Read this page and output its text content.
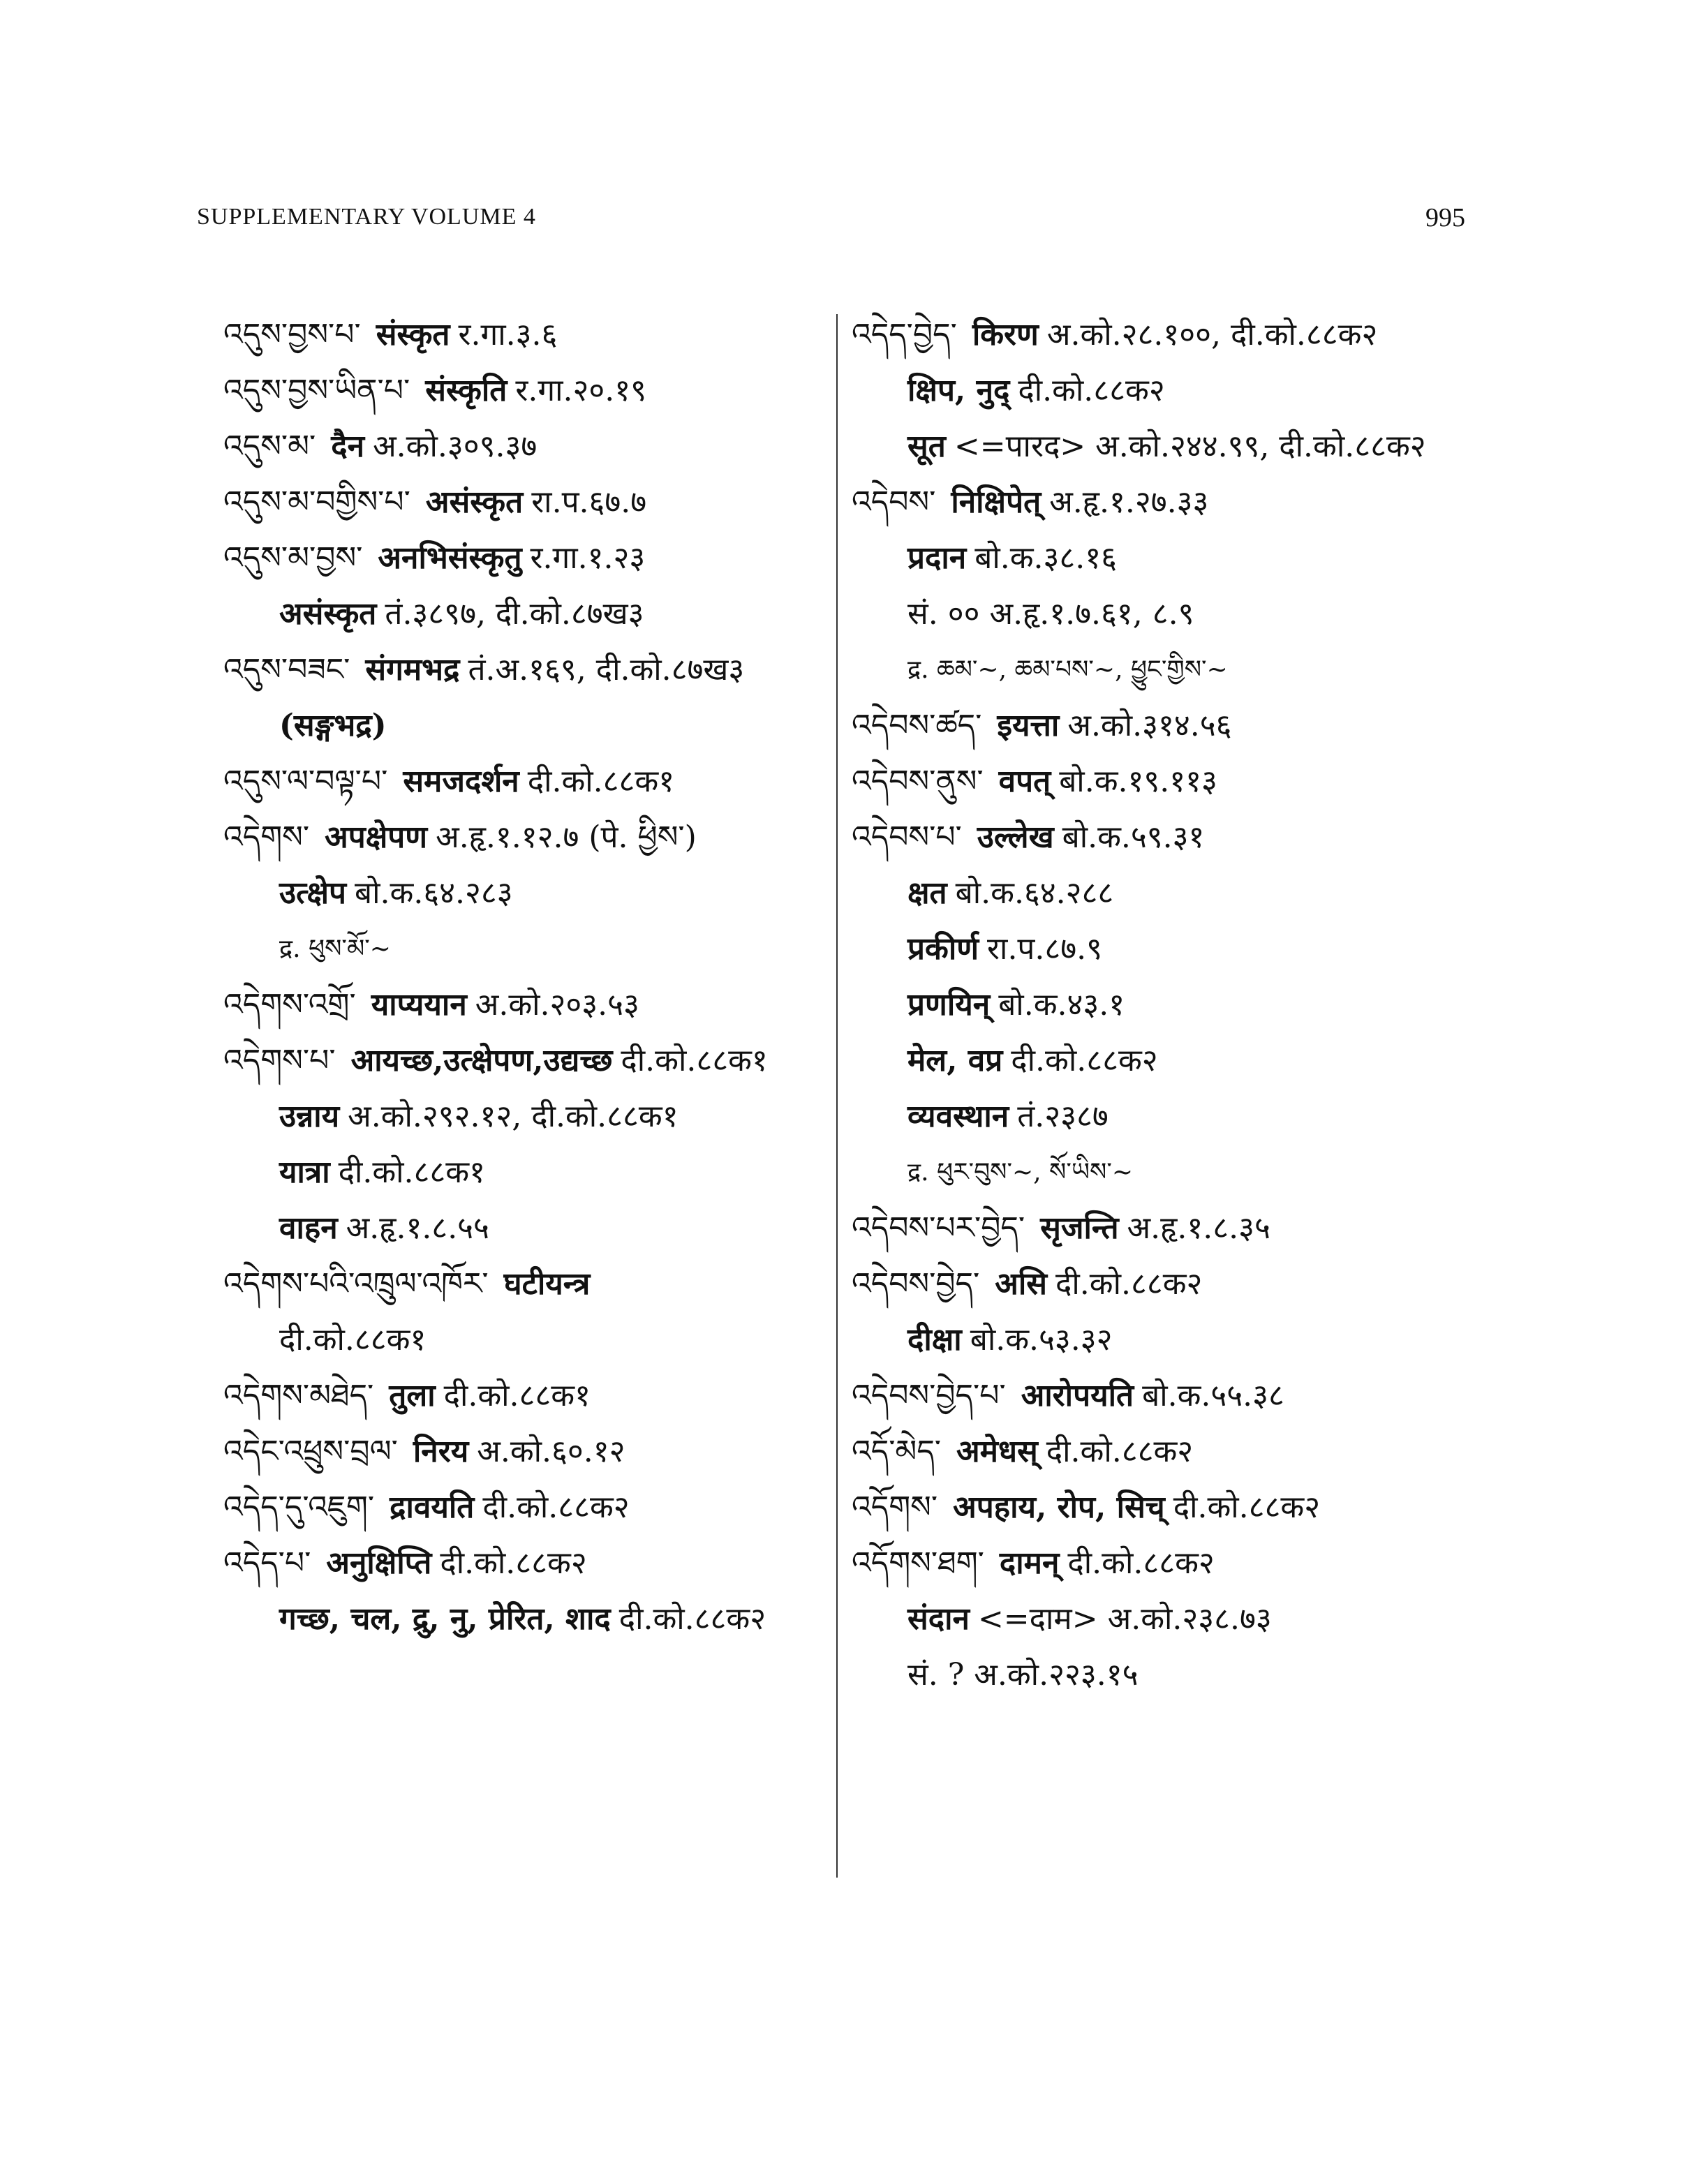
SUPPLEMENTARY VOLUME 4	995
འདུས་བྱས་པ་ संस्कृत र.गा.३.६
འདུས་བྱས་ཡིན་པ་ संस्कृति र.गा.२०.१९
འདུས་མ་ दैन अ.को.३०९.३७
འདུས་མ་བགྱིས་པ་ असंस्कृत रा.प.६७.७
འདུས་མ་བྱས་ अनभिसंस्कृतु र.गा.१.२३
असंस्कृत तं.३८९७, दी.को.८७ख३
འདུས་བཟང་ संगमभद्र तं.अ.१६९, दी.को.८७ख३
(सङ्गभद्र)
འདུས་ལ་བལྟ་པ་ समजदर्शन दी.को.८८क१
འདེགས་ अपक्षेपण अ.हृ.१.१२.७ (पे. ཕྱིས་)
उत्क्षेप बो.क.६४.२८३
द्र. ཕུས་མོ་~
འདེགས་འགྲོ་ याप्ययान अ.को.२०३.५३
འདེགས་པ་ आयच्छ,उत्क्षेपण,उद्यच्छ दी.को.८८क१
उन्नाय अ.को.२९२.१२, दी.को.८८क१
यात्रा दी.को.८८क१
वाहन अ.हृ.१.८.५५
འདེགས་པའི་འཁྲུལ་འཁོར་ घटीयन्त्र
दी.को.८८क१
འདེགས་མཐེད་ तुला दी.को.८८क१
འདེང་འཕྲུས་བྲལ་ निरय अ.को.६०.१२
འདེད་དུ་འཇུག་ द्रावयति दी.को.८८क२
འདེད་པ་ अनुक्षिप्ति दी.को.८८क२
गच्छ, चल, द्रु, नु, प्रेरित, शाद दी.को.८८क२
འདེད་བྱེད་ किरण अ.को.२८.१००, दी.को.८८क२
क्षिप, नुद् दी.को.८८क२
सूत <=पारद> अ.को.२४४.९९, दी.को.८८क२
འདེབས་ निक्षिपेत् अ.हृ.१.२७.३३
प्रदान बो.क.३८.१६
सं. ०० अ.हृ.१.७.६१, ८.९
द्र. ཆམ་~, ཆམ་པས་~, ཕྱུང་གྱིས་~
འདེབས་ཚད་ इयत्ता अ.को.३१४.५६
འདེབས་ནུས་ वपत् बो.क.१९.११३
འདེབས་པ་ उल्लेख बो.क.५९.३१
क्षत बो.क.६४.२८८
प्रकीर्ण रा.प.८७.९
प्रणयिन् बो.क.४३.१
मेल, वप्र दी.को.८८क२
व्यवस्थान तं.२३८७
द्र. ཕུར་བུས་~, སོ་ཡིས་~
འདེབས་པར་བྱེད་ सृजन्ति अ.हृ.१.८.३५
འདེབས་བྱེད་ असि दी.को.८८क२
दीक्षा बो.क.५३.३२
འདེབས་བྱེད་པ་ आरोपयति बो.क.५५.३८
འདོ་མེད་ अमेधस् दी.को.८८क२
འདོགས་ अपहाय, रोप, सिच् दी.को.८८क२
འདོགས་ཐག་ दामन् दी.को.८८क२
संदान <=दाम> अ.को.२३८.७३
सं. ? अ.को.२२३.१५
